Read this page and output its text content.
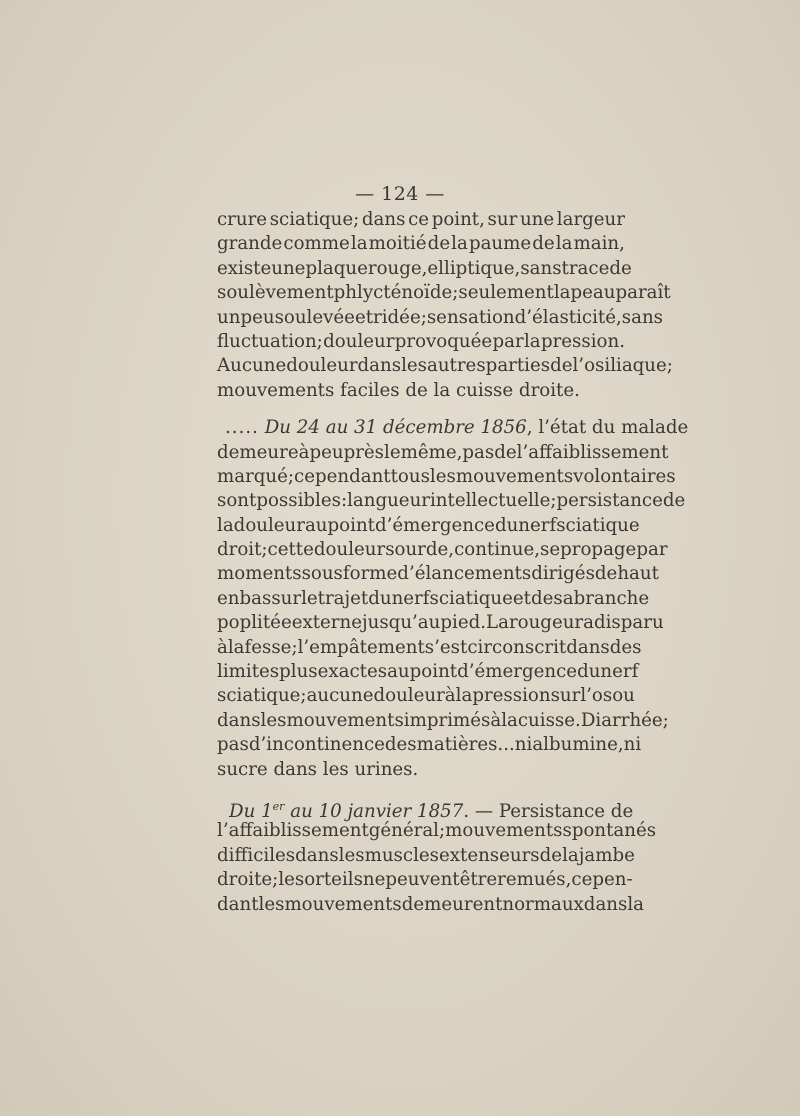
— 124 —
crure sciatique; dans ce point, sur une largeur
grande comme la moitié de la paume de la main,
existe une plaque rouge, elliptique, sans trace de
soulèvement phlycténoïde; seulement la peau paraît
un peu soulevée et ridée; sensation d’élasticité, sans
fluctuation; douleur provoquée par la pression.
Aucune douleur dans les autres parties de l’os iliaque;
mouvements faciles de la cuisse droite.
..... Du 24 au 31 décembre 1856, l’état du malade
demeure à peu près le même, pas de l’affaiblissement
marqué; cependant tous les mouvements volontaires
sont possibles: langueur intellectuelle; persistance de
la douleur au point d’émergence du nerf sciatique
droit; cette douleur sourde, continue, se propage par
moments sous forme d’élancements dirigés de haut
en bas sur le trajet du nerf sciatique et de sa branche
poplitée externe jusqu’au pied. La rougeur a disparu
à la fesse; l’empâtement s’est circonscrit dans des
limites plus exactes au point d’émergence du nerf
sciatique; aucune douleur à la pression sur l’os ou
dans les mouvements imprimés à la cuisse. Diarrhée;
pas d’incontinence des matières... ni albumine, ni
sucre dans les urines.
Du 1er au 10 janvier 1857. — Persistance de
l’affaiblissement général ; mouvements spontanés
difficiles dans les muscles extenseurs de la jambe
droite; les orteils ne peuvent être remués, cepen-
dant les mouvements demeurent normaux dans la
